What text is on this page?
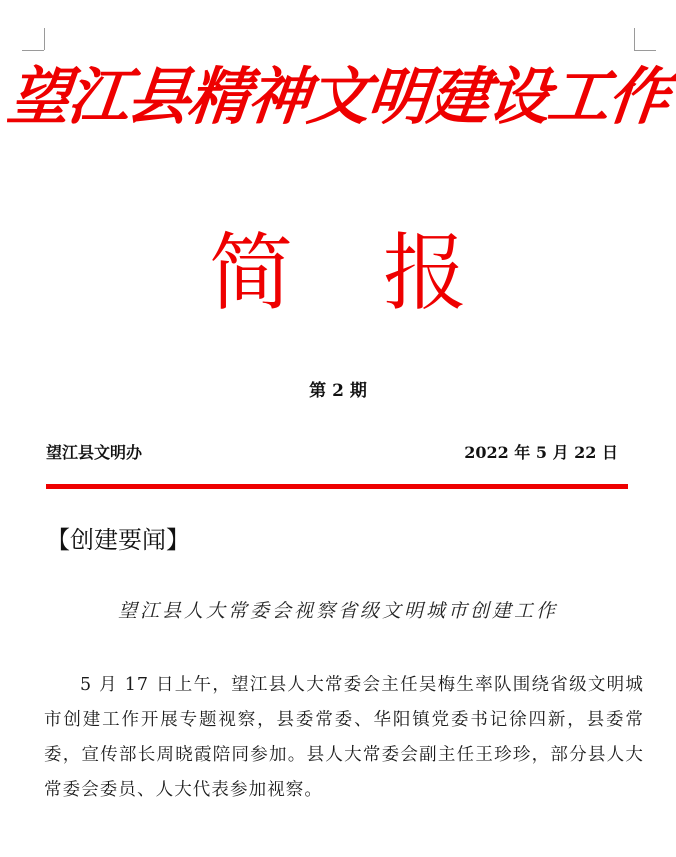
望江县精神文明建设工作
简报
第 2 期
望江县文明办	2022 年 5 月 22 日
【创建要闻】
望江县人大常委会视察省级文明城市创建工作
5 月 17 日上午，望江县人大常委会主任吴梅生率队围绕省级文明城市创建工作开展专题视察，县委常委、华阳镇党委书记徐四新，县委常委，宣传部长周晓霞陪同参加。县人大常委会副主任王珍珍，部分县人大常委会委员、人大代表参加视察。
